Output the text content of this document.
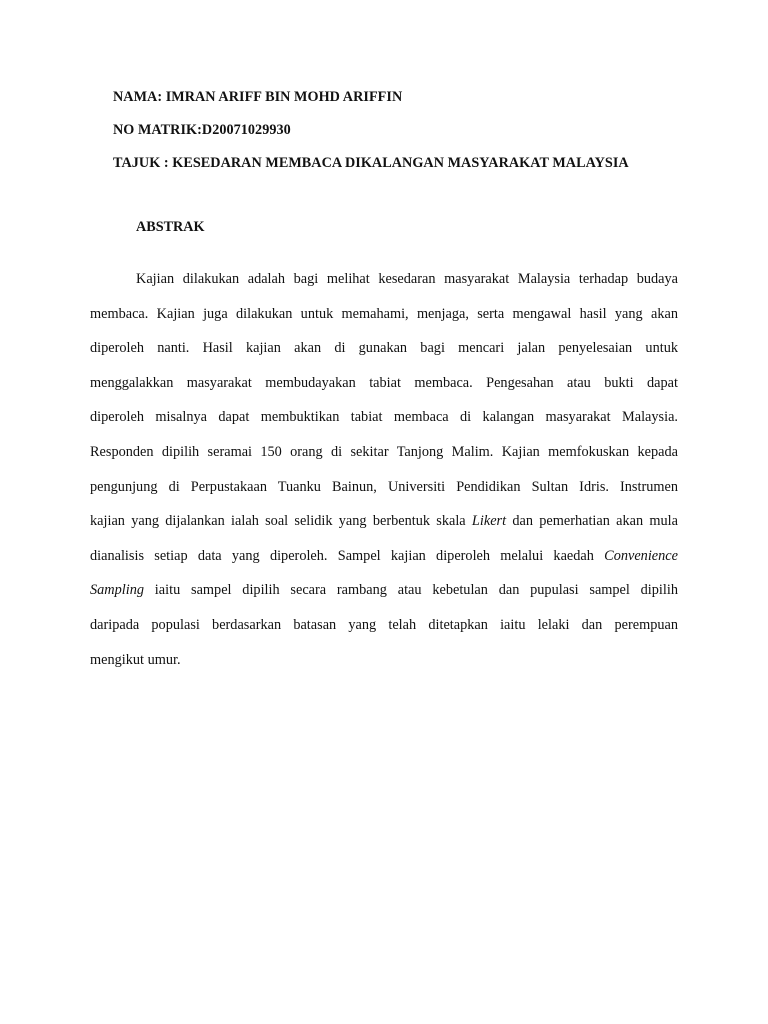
NAMA: IMRAN ARIFF BIN MOHD ARIFFIN

NO MATRIK:D20071029930

TAJUK : KESEDARAN MEMBACA DIKALANGAN MASYARAKAT MALAYSIA

ABSTRAK

Kajian dilakukan adalah bagi melihat kesedaran masyarakat Malaysia terhadap budaya

membaca. Kajian juga dilakukan untuk memahami, menjaga, serta mengawal hasil yang akan

diperoleh nanti. Hasil kajian akan di gunakan bagi mencari jalan penyelesaian untuk

menggalakkan masyarakat membudayakan tabiat membaca. Pengesahan atau bukti dapat

diperoleh misalnya dapat membuktikan tabiat membaca di kalangan masyarakat Malaysia.

Responden dipilih seramai 150 orang di sekitar Tanjong Malim. Kajian memfokuskan kepada

pengunjung di Perpustakaan Tuanku Bainun, Universiti Pendidikan Sultan Idris. Instrumen

kajian yang dijalankan ialah soal selidik yang berbentuk skala Likert dan pemerhatian akan mula

dianalisis setiap data yang diperoleh. Sampel kajian diperoleh melalui kaedah Convenience

Sampling iaitu sampel dipilih secara rambang atau kebetulan dan pupulasi sampel dipilih

daripada populasi berdasarkan batasan yang telah ditetapkan iaitu lelaki dan perempuan

mengikut umur.
